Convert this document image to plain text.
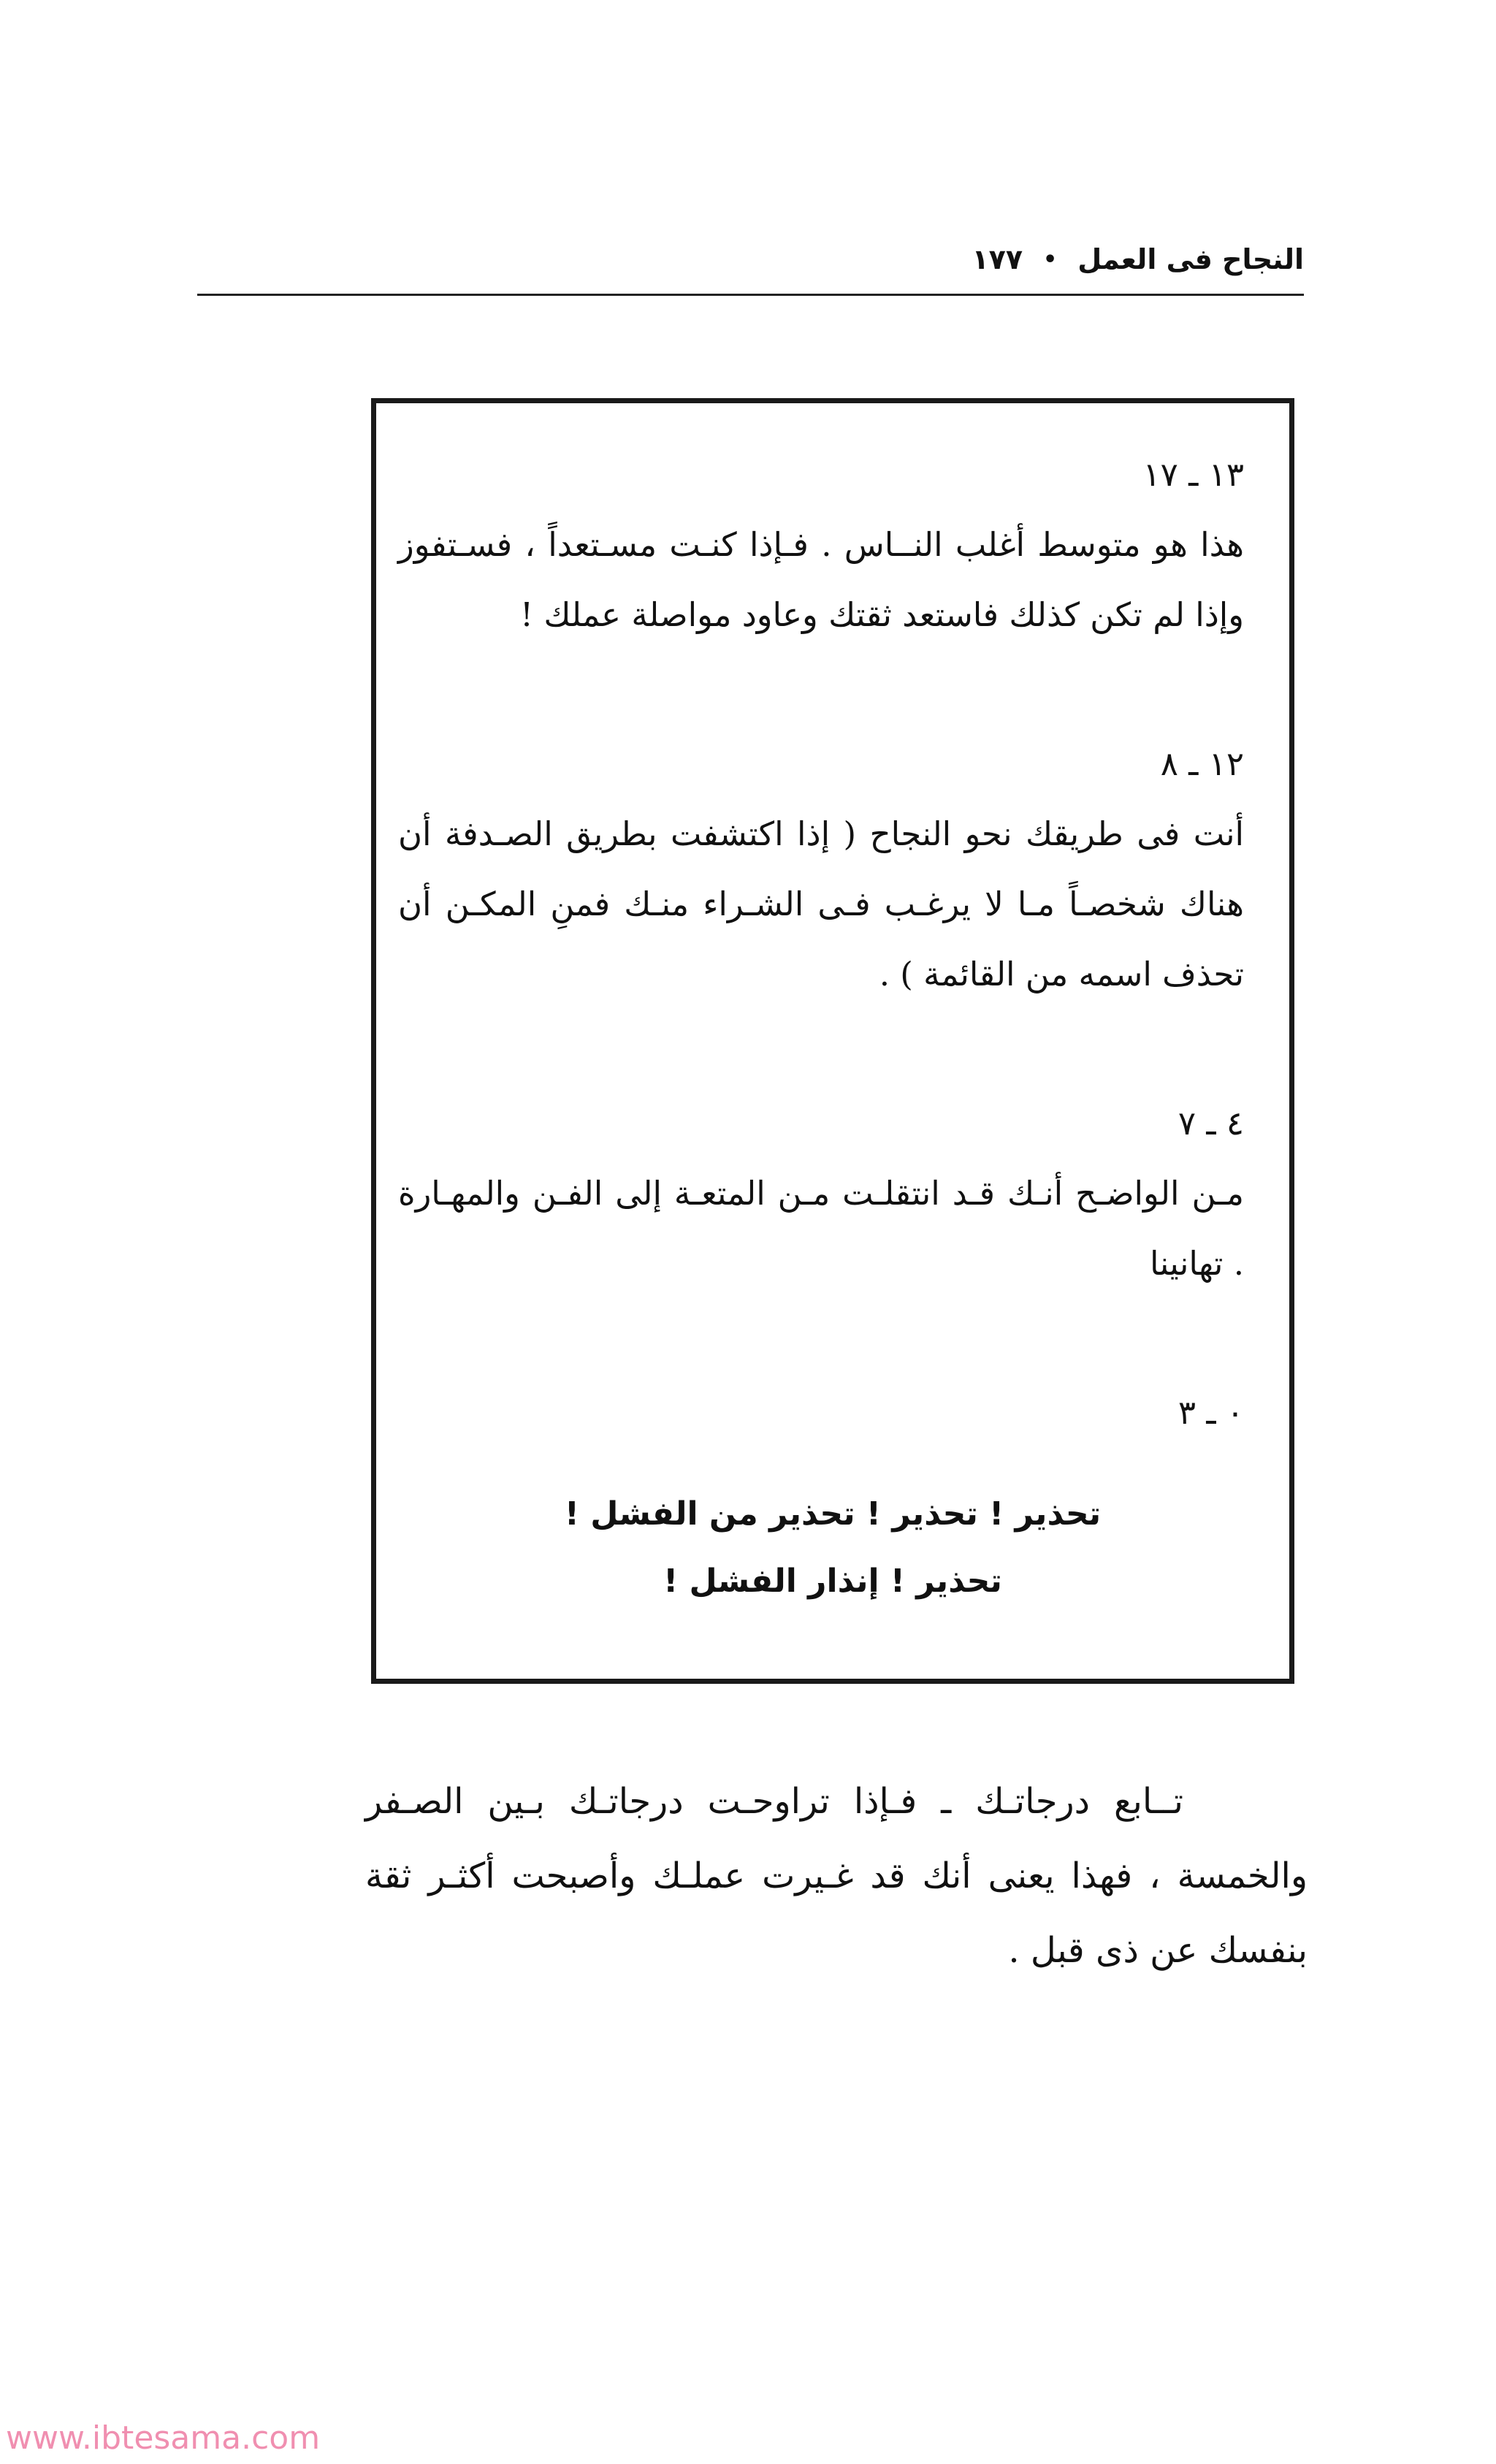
النجاح فى العمل
•
١٧٧

١٣ ـ ١٧

هذا هو متوسط أغلب النــاس . فـإذا كنـت مسـتعداً ، فسـتفوز وإذا لم تكن كذلك فاستعد ثقتك وعاود مواصلة عملك !

١٢ ـ ٨

أنت فى طريقك نحو النجاح ( إذا اكتشفت بطريق الصـدفة أن هناك شخصـاً مـا لا يرغـب فـى الشـراء منـك فمنِ المكـن أن تحذف اسمه من القائمة ) .

٤ ـ ٧

مـن الواضـح أنـك قـد انتقلـت مـن المتعـة إلى الفـن والمهـارة . تهانينا

٠ ـ ٣

تحذير ! تحذير ! تحذير من الفشل !

تحذير ! إنذار الفشل !

تــابع درجاتـك ـ فـإذا تراوحـت درجاتـك بـين الصـفر والخمسة ، فهذا يعنى أنك قد غـيرت عملـك وأصبحت أكثـر ثقة بنفسك عن ذى قبل .

www.ibtesama.com
